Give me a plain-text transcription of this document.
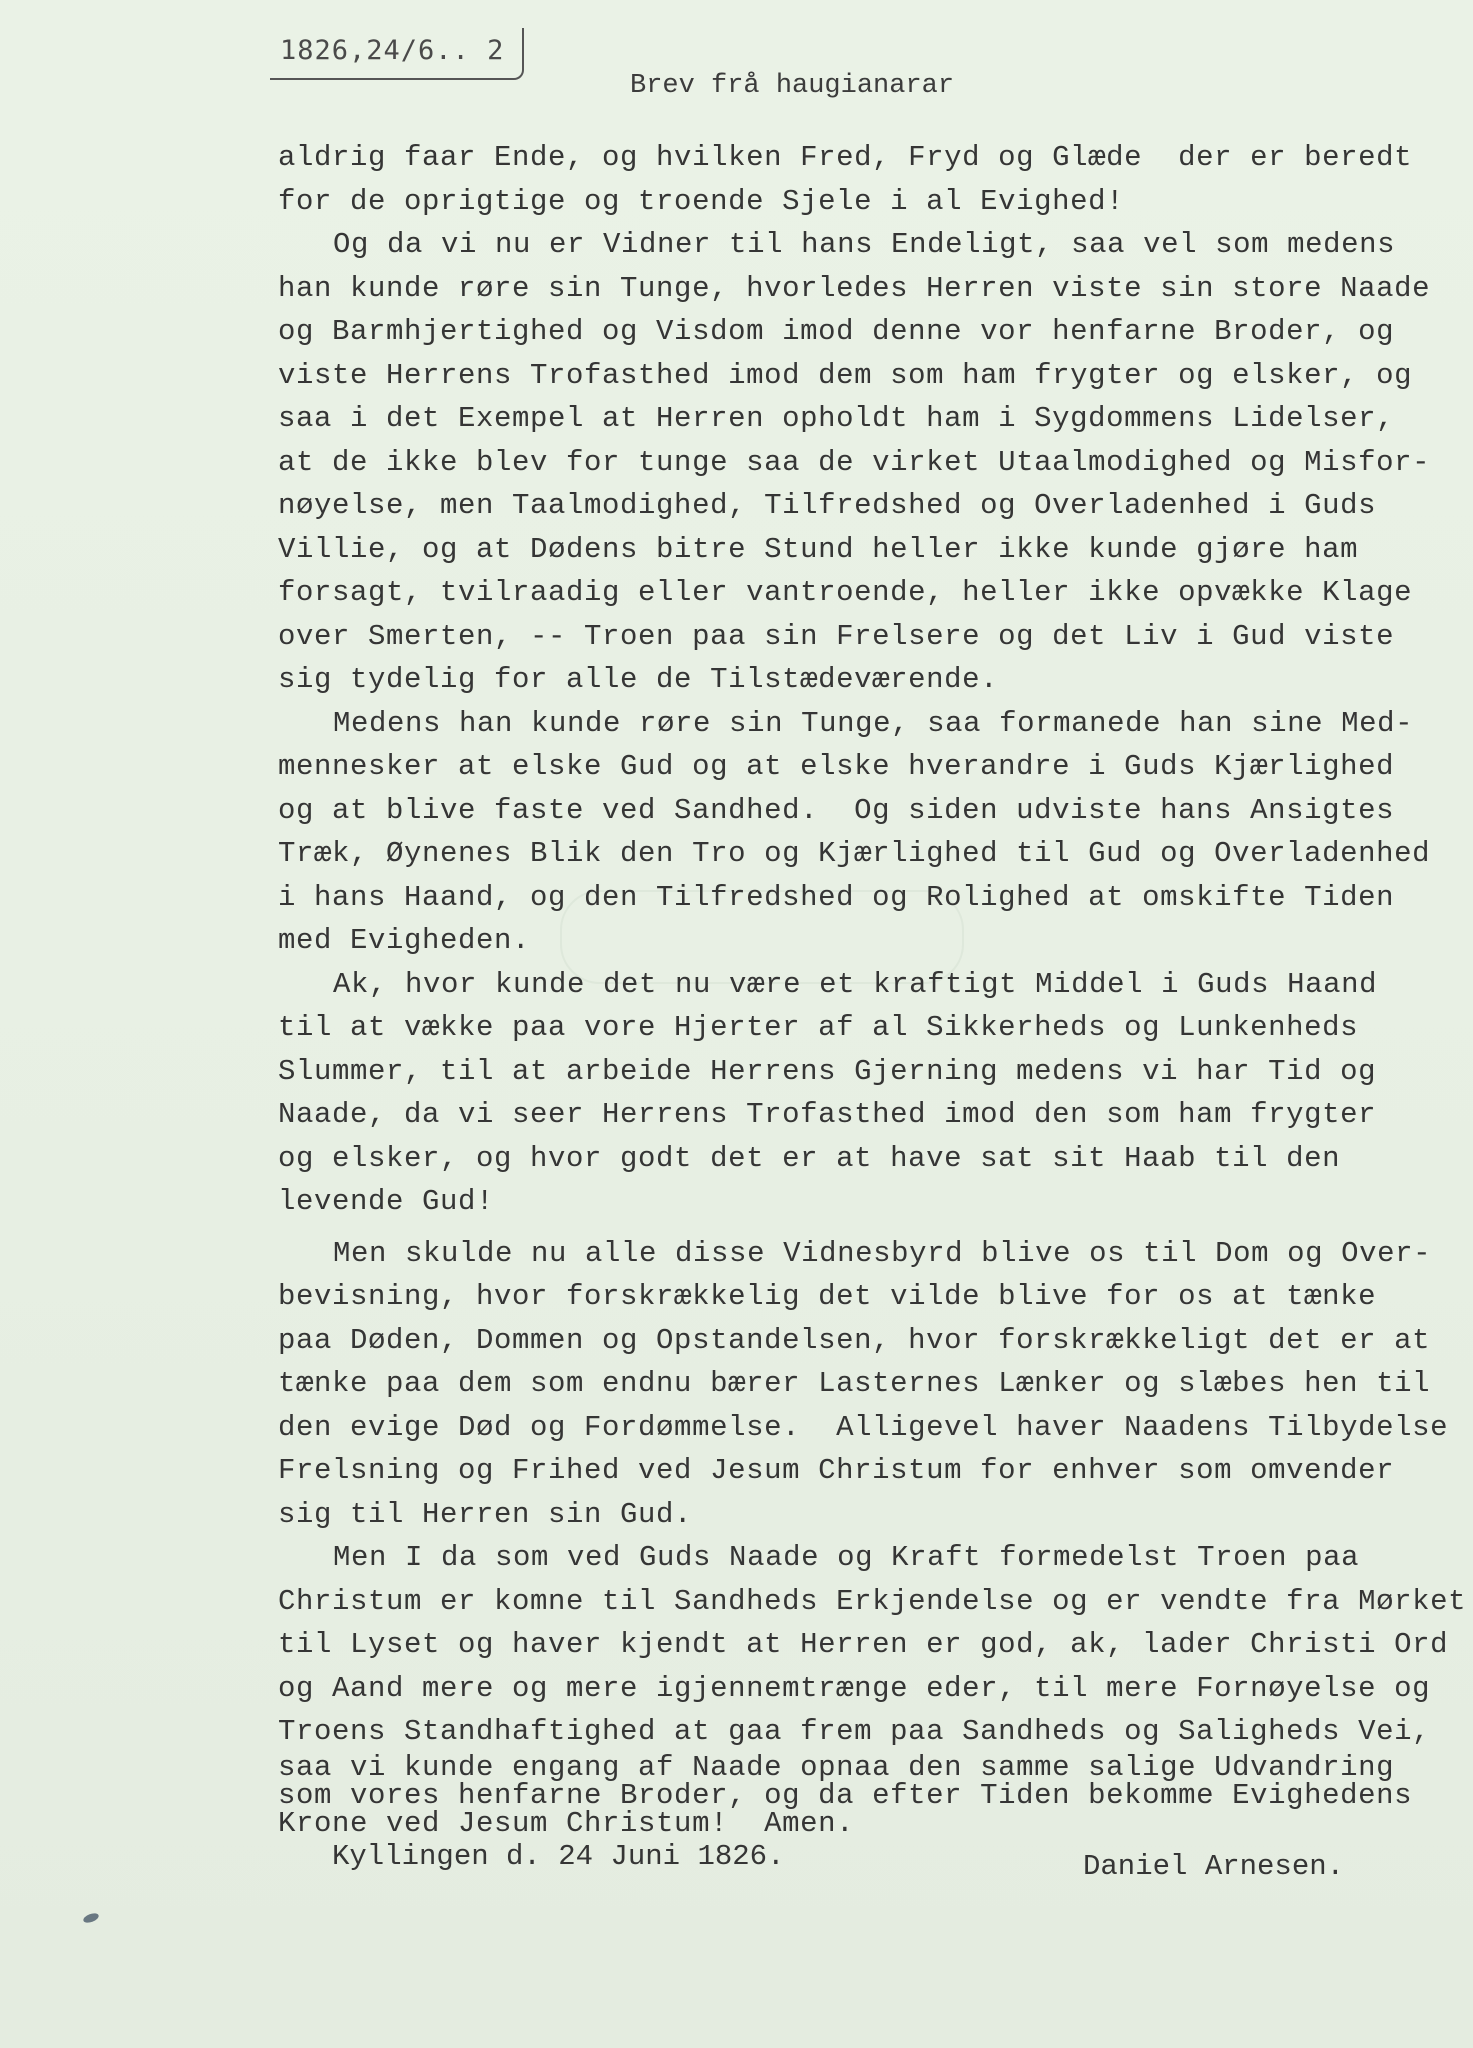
1826,24/6.. 2
Brev frå haugianarar
aldrig faar Ende, og hvilken Fred, Fryd og Glæde  der er beredt
for de oprigtige og troende Sjele i al Evighed!
Og da vi nu er Vidner til hans Endeligt, saa vel som medens
han kunde røre sin Tunge, hvorledes Herren viste sin store Naade
og Barmhjertighed og Visdom imod denne vor henfarne Broder, og
viste Herrens Trofasthed imod dem som ham frygter og elsker, og
saa i det Exempel at Herren opholdt ham i Sygdommens Lidelser,
at de ikke blev for tunge saa de virket Utaalmodighed og Misfor-
nøyelse, men Taalmodighed, Tilfredshed og Overladenhed i Guds
Villie, og at Dødens bitre Stund heller ikke kunde gjøre ham
forsagt, tvilraadig eller vantroende, heller ikke opvække Klage
over Smerten, -- Troen paa sin Frelsere og det Liv i Gud viste
sig tydelig for alle de Tilstædeværende.
Medens han kunde røre sin Tunge, saa formanede han sine Med-
mennesker at elske Gud og at elske hverandre i Guds Kjærlighed
og at blive faste ved Sandhed.  Og siden udviste hans Ansigtes
Træk, Øynenes Blik den Tro og Kjærlighed til Gud og Overladenhed
i hans Haand, og den Tilfredshed og Rolighed at omskifte Tiden
med Evigheden.
Ak, hvor kunde det nu være et kraftigt Middel i Guds Haand
til at vække paa vore Hjerter af al Sikkerheds og Lunkenheds
Slummer, til at arbeide Herrens Gjerning medens vi har Tid og
Naade, da vi seer Herrens Trofasthed imod den som ham frygter
og elsker, og hvor godt det er at have sat sit Haab til den
levende Gud!
Men skulde nu alle disse Vidnesbyrd blive os til Dom og Over-
bevisning, hvor forskrækkelig det vilde blive for os at tænke
paa Døden, Dommen og Opstandelsen, hvor forskrækkeligt det er at
tænke paa dem som endnu bærer Lasternes Lænker og slæbes hen til
den evige Død og Fordømmelse.  Alligevel haver Naadens Tilbydelse
Frelsning og Frihed ved Jesum Christum for enhver som omvender
sig til Herren sin Gud.
Men I da som ved Guds Naade og Kraft formedelst Troen paa
Christum er komne til Sandheds Erkjendelse og er vendte fra Mørket
til Lyset og haver kjendt at Herren er god, ak, lader Christi Ord
og Aand mere og mere igjennemtrænge eder, til mere Fornøyelse og
Troens Standhaftighed at gaa frem paa Sandheds og Saligheds Vei,
saa vi kunde engang af Naade opnaa den samme salige Udvandring
som vores henfarne Broder, og da efter Tiden bekomme Evighedens
Krone ved Jesum Christum!  Amen.
Kyllingen d. 24 Juni 1826.	Daniel Arnesen.
